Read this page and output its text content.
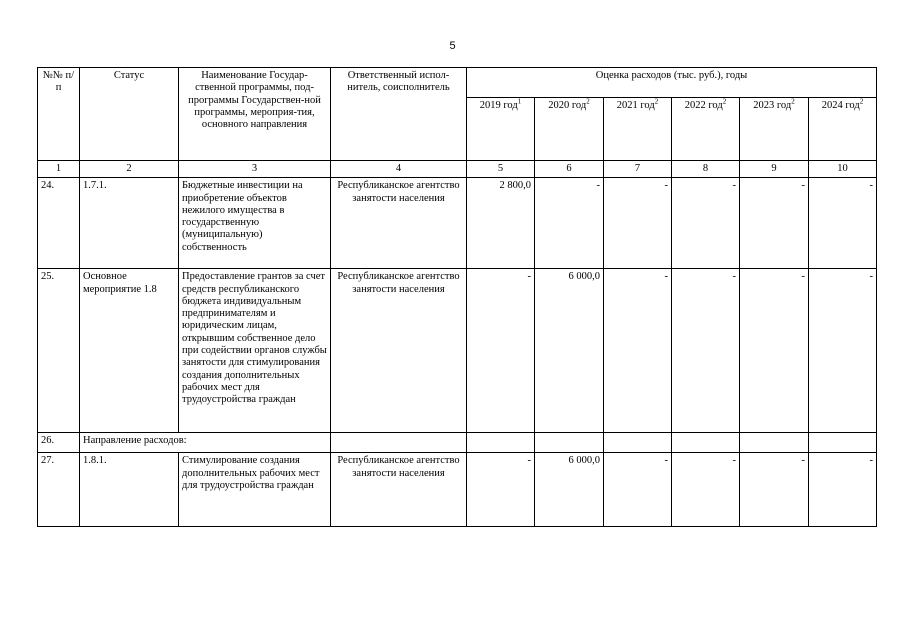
5
№№ п/п	Статус	Наименование Государ-ственной программы, под-программы Государствен-ной программы, мероприя-тия, основного направления	Ответственный испол-нитель, соисполнитель	Оценка расходов (тыс. руб.), годы					
				2019 год$^1$	2020 год$^2$	2021 год$^2$	2022 год$^2$	2023 год$^2$	2024 год$^2$
1	2	3	4	5	6	7	8	9	10
24.	1.7.1.	Бюджетные инвестиции на приобретение объектов нежилого имущества в государственную (муниципальную) собственность	Республиканское агентство занятости населения	2 800,0	-	-	-	-	-
25.	Основное мероприятие 1.8	Предоставление грантов за счет средств республиканского бюджета индивидуальным предпринимателям и юридическим лицам, открывшим собственное дело при содействии органов службы занятости для стимулирования создания дополнительных рабочих мест для трудоустройства граждан	Республиканское агентство занятости населения	-	6 000,0	-	-	-	-
26.	Направление расходов:								
27.	1.8.1.	Стимулирование создания дополнительных рабочих мест для трудоустройства граждан	Республиканское агентство занятости населения	-	6 000,0	-	-	-	-
